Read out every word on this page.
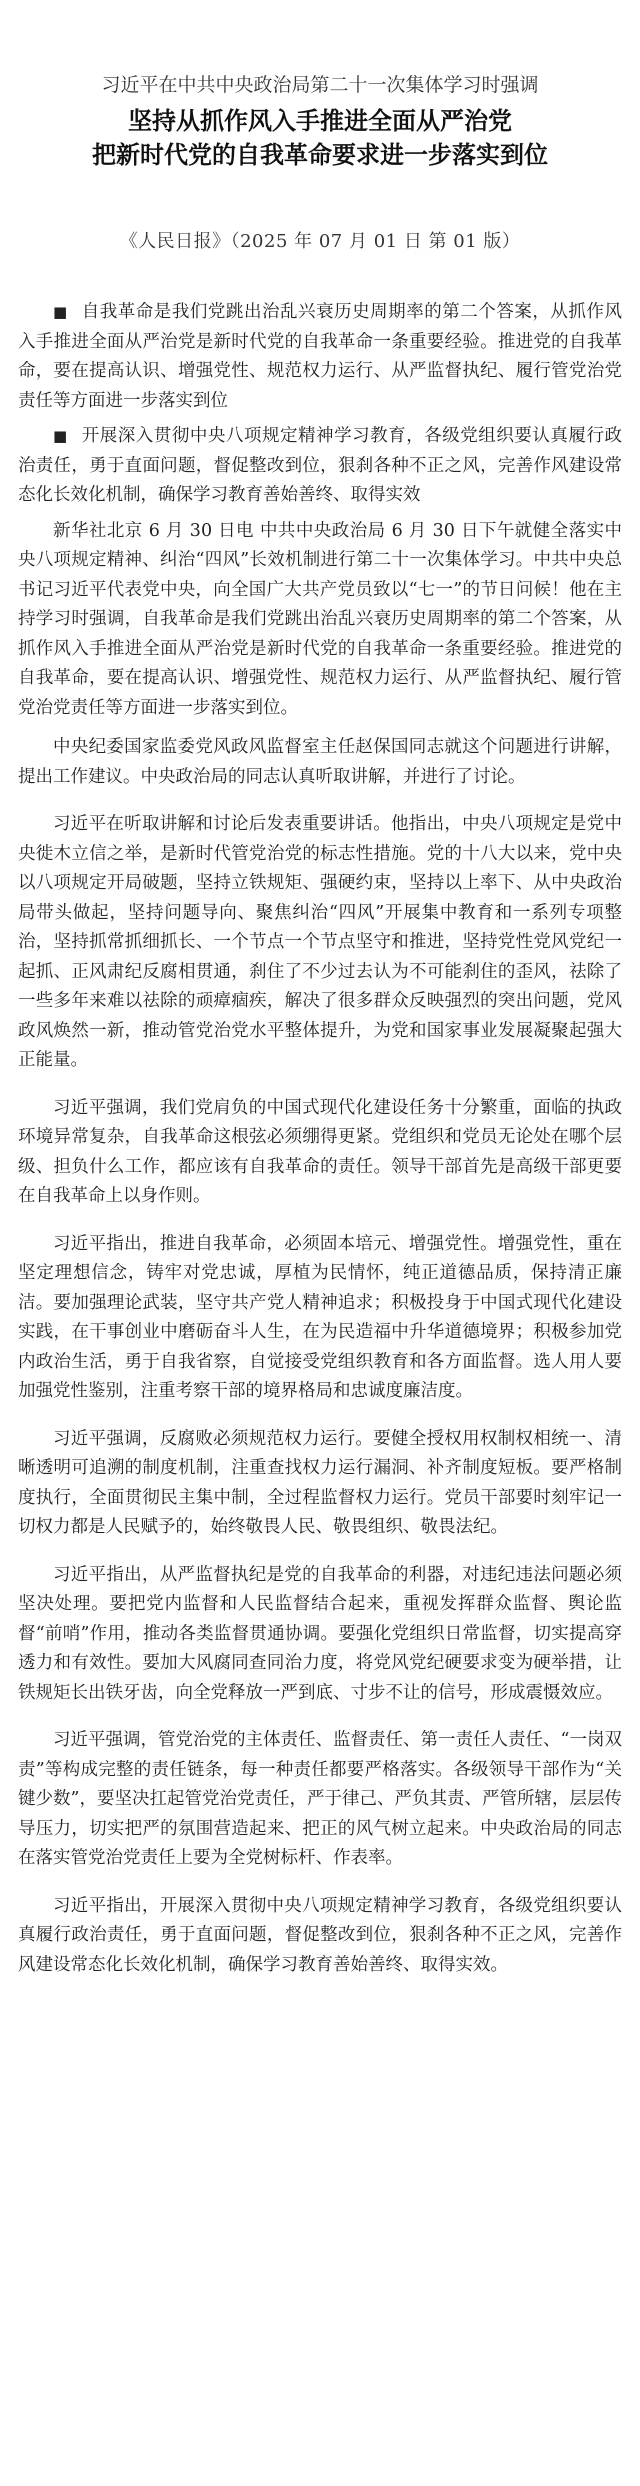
习近平在中共中央政治局第二十一次集体学习时强调
坚持从抓作风入手推进全面从严治党
把新时代党的自我革命要求进一步落实到位
《人民日报》（2025 年 07 月 01 日 第 01 版）

■ 自我革命是我们党跳出治乱兴衰历史周期率的第二个答案，从抓作风入手推进全面从严治党是新时代党的自我革命一条重要经验。推进党的自我革命，要在提高认识、增强党性、规范权力运行、从严监督执纪、履行管党治党责任等方面进一步落实到位

■ 开展深入贯彻中央八项规定精神学习教育，各级党组织要认真履行政治责任，勇于直面问题，督促整改到位，狠刹各种不正之风，完善作风建设常态化长效化机制，确保学习教育善始善终、取得实效

新华社北京 6 月 30 日电 中共中央政治局 6 月 30 日下午就健全落实中央八项规定精神、纠治“四风”长效机制进行第二十一次集体学习。中共中央总书记习近平代表党中央，向全国广大共产党员致以“七一”的节日问候！他在主持学习时强调，自我革命是我们党跳出治乱兴衰历史周期率的第二个答案，从抓作风入手推进全面从严治党是新时代党的自我革命一条重要经验。推进党的自我革命，要在提高认识、增强党性、规范权力运行、从严监督执纪、履行管党治党责任等方面进一步落实到位。

中央纪委国家监委党风政风监督室主任赵保国同志就这个问题进行讲解，提出工作建议。中央政治局的同志认真听取讲解，并进行了讨论。

习近平在听取讲解和讨论后发表重要讲话。他指出，中央八项规定是党中央徙木立信之举，是新时代管党治党的标志性措施。党的十八大以来，党中央以八项规定开局破题，坚持立铁规矩、强硬约束，坚持以上率下、从中央政治局带头做起，坚持问题导向、聚焦纠治“四风”开展集中教育和一系列专项整治，坚持抓常抓细抓长、一个节点一个节点坚守和推进，坚持党性党风党纪一起抓、正风肃纪反腐相贯通，刹住了不少过去认为不可能刹住的歪风，祛除了一些多年来难以祛除的顽瘴痼疾，解决了很多群众反映强烈的突出问题，党风政风焕然一新，推动管党治党水平整体提升，为党和国家事业发展凝聚起强大正能量。

习近平强调，我们党肩负的中国式现代化建设任务十分繁重，面临的执政环境异常复杂，自我革命这根弦必须绷得更紧。党组织和党员无论处在哪个层级、担负什么工作，都应该有自我革命的责任。领导干部首先是高级干部更要在自我革命上以身作则。

习近平指出，推进自我革命，必须固本培元、增强党性。增强党性，重在坚定理想信念，铸牢对党忠诚，厚植为民情怀，纯正道德品质，保持清正廉洁。要加强理论武装，坚守共产党人精神追求；积极投身于中国式现代化建设实践，在干事创业中磨砺奋斗人生，在为民造福中升华道德境界；积极参加党内政治生活，勇于自我省察，自觉接受党组织教育和各方面监督。选人用人要加强党性鉴别，注重考察干部的境界格局和忠诚度廉洁度。

习近平强调，反腐败必须规范权力运行。要健全授权用权制权相统一、清晰透明可追溯的制度机制，注重查找权力运行漏洞、补齐制度短板。要严格制度执行，全面贯彻民主集中制，全过程监督权力运行。党员干部要时刻牢记一切权力都是人民赋予的，始终敬畏人民、敬畏组织、敬畏法纪。

习近平指出，从严监督执纪是党的自我革命的利器，对违纪违法问题必须坚决处理。要把党内监督和人民监督结合起来，重视发挥群众监督、舆论监督“前哨”作用，推动各类监督贯通协调。要强化党组织日常监督，切实提高穿透力和有效性。要加大风腐同查同治力度，将党风党纪硬要求变为硬举措，让铁规矩长出铁牙齿，向全党释放一严到底、寸步不让的信号，形成震慑效应。

习近平强调，管党治党的主体责任、监督责任、第一责任人责任、“一岗双责”等构成完整的责任链条，每一种责任都要严格落实。各级领导干部作为“关键少数”，要坚决扛起管党治党责任，严于律己、严负其责、严管所辖，层层传导压力，切实把严的氛围营造起来、把正的风气树立起来。中央政治局的同志在落实管党治党责任上要为全党树标杆、作表率。

习近平指出，开展深入贯彻中央八项规定精神学习教育，各级党组织要认真履行政治责任，勇于直面问题，督促整改到位，狠刹各种不正之风，完善作风建设常态化长效化机制，确保学习教育善始善终、取得实效。
